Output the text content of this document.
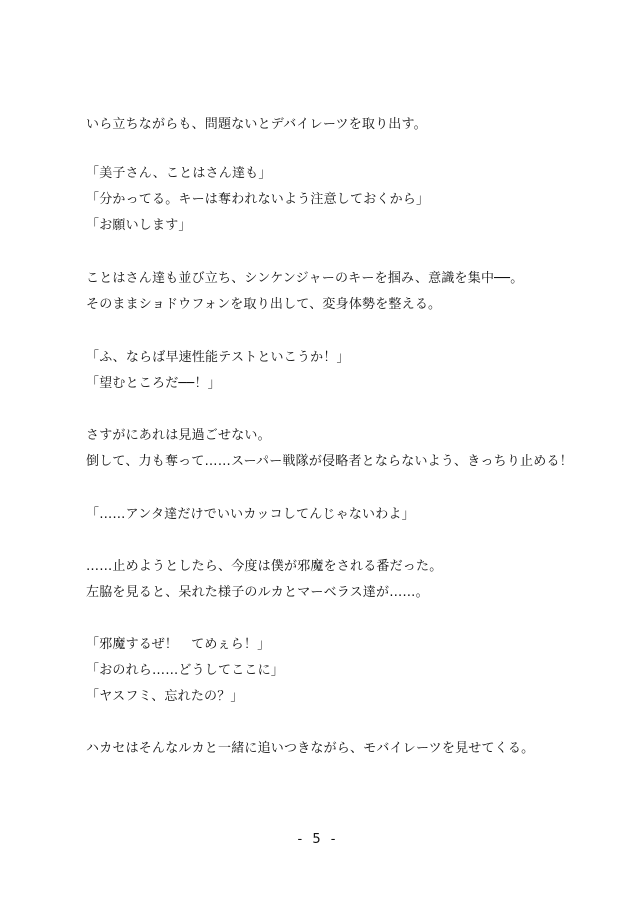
いら立ちながらも、問題ないとデバイレーツを取り出す。
「美子さん、ことはさん達も」
「分かってる。キーは奪われないよう注意しておくから」
「お願いします」
ことはさん達も並び立ち、シンケンジャーのキーを掴み、意識を集中──。
そのままショドウフォンを取り出して、変身体勢を整える。
「ふ、ならば早速性能テストといこうか！」
「望むところだ──！」
さすがにあれは見過ごせない。
倒して、力も奪って……スーパー戦隊が侵略者とならないよう、きっちり止める！
「……アンタ達だけでいいカッコしてんじゃないわよ」
……止めようとしたら、今度は僕が邪魔をされる番だった。
左脇を見ると、呆れた様子のルカとマーベラス達が……。
「邪魔するぜ！　てめぇら！」
「おのれら……どうしてここに」
「ヤスフミ、忘れたの？」
ハカセはそんなルカと一緒に追いつきながら、モバイレーツを見せてくる。
- 5 -
